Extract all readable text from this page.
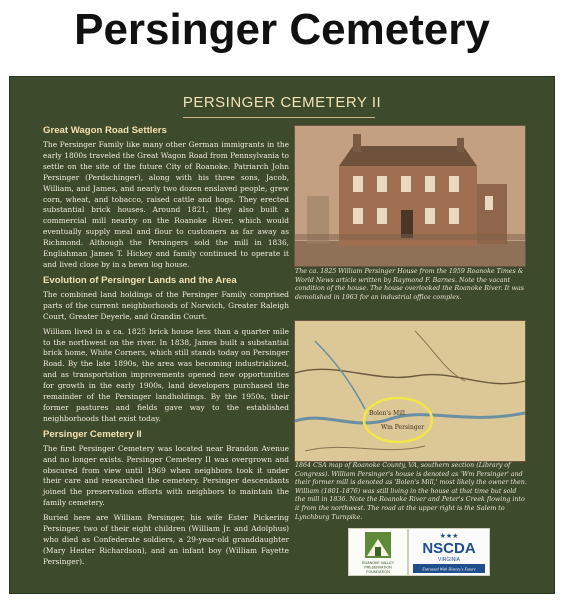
Persinger Cemetery
PERSINGER CEMETERY II
Great Wagon Road Settlers

The Persinger Family like many other German immigrants in the early 1800s traveled the Great Wagon Road from Pennsylvania to settle on the site of the future City of Roanoke. Patriarch John Persinger (Perdschinger), along with his three sons, Jacob, William, and James, and nearly two dozen enslaved people, grew corn, wheat, and tobacco, raised cattle and hogs. They erected substantial brick houses. Around 1821, they also built a commercial mill nearby on the Roanoke River, which would eventually supply meal and flour to customers as far away as Richmond. Although the Persingers sold the mill in 1836, Englishman James T. Hickey and family continued to operate it and lived close by in a hewn log house.

Evolution of Persinger Lands and the Area

The combined land holdings of the Persinger Family comprised parts of the current neighborhoods of Norwich, Greater Raleigh Court, Greater Deyerle, and Grandin Court.

William lived in a ca. 1825 brick house less than a quarter mile to the northwest on the river. In 1838, James built a substantial brick home, White Corners, which still stands today on Persinger Road. By the late 1890s, the area was becoming industrialized, and as transportation improvements opened new opportunities for growth in the early 1900s, land developers purchased the remainder of the Persinger landholdings. By the 1950s, their former pastures and fields gave way to the established neighborhoods that exist today.

Persinger Cemetery II

The first Persinger Cemetery was located near Brandon Avenue and no longer exists. Persinger Cemetery II was overgrown and obscured from view until 1969 when neighbors took it under their care and researched the cemetery. Persinger descendants joined the preservation efforts with neighbors to maintain the family cemetery.

Buried here are William Persinger, his wife Ester Pickering Persinger, two of their eight children (William Jr. and Adolphus) who died as Confederate soldiers, a 29-year-old granddaughter (Mary Hester Richardson), and an infant boy (William Fayette Persinger).

The ca. 1825 William Persinger House from the 1959 Roanoke Times & World News article written by Raymond F. Barnes. Note the vacant condition of the house. The house overlooked the Roanoke River. It was demolished in 1963 for an industrial office complex.
Bolen's Mill
Wm Persinger
1864 CSA map of Roanoke County, VA, southern section (Library of Congress). William Persinger's house is denoted as 'Wm Persinger' and their former mill is denoted as 'Bolen's Mill,' most likely the owner then. William (1801-1876) was still living in the house at that time but sold the mill in 1836. Note the Roanoke River and Peter's Creek flowing into it from the northwest. The road at the upper right is the Salem to Lynchburg Turnpike.
ROANOKE VALLEY
PRESERVATION
FOUNDATION
★★★
NSCDA
VIRGINIA
Entrusted With History's Future
